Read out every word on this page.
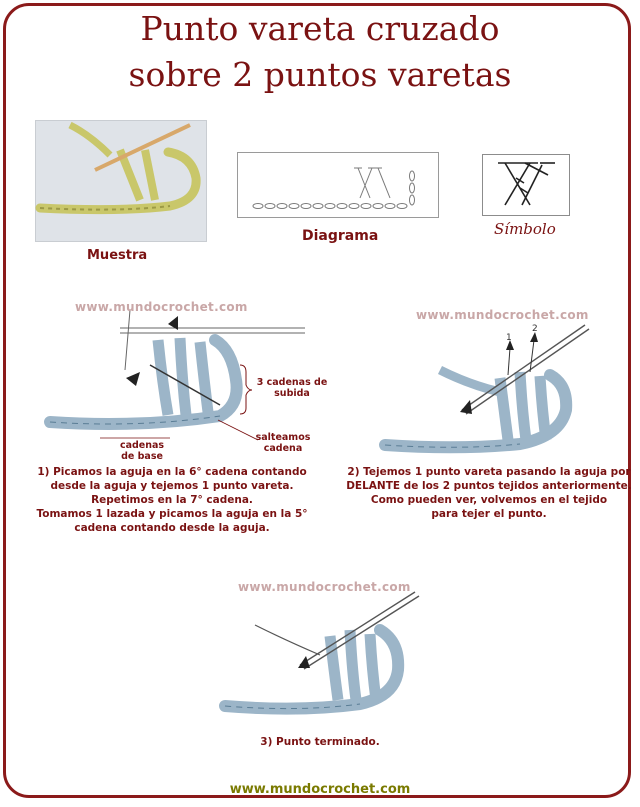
Punto vareta cruzado
sobre 2 puntos varetas
1
2
Muestra
Diagrama	Símbolo
www.mundocrochet.com
www.mundocrochet.com
www.mundocrochet.com
3 cadenas de
subida
salteamos
cadena
cadenas
de base
1) Picamos la aguja en la 6° cadena contando
desde la aguja y tejemos 1 punto vareta.
Repetimos en la 7° cadena.
Tomamos 1 lazada y picamos la aguja en la 5°
cadena contando desde la aguja.
2) Tejemos 1 punto vareta pasando la aguja por
DELANTE de los 2 puntos tejidos anteriormente.
Como pueden ver, volvemos en el tejido
para tejer el punto.
3) Punto terminado.
www.mundocrochet.com
